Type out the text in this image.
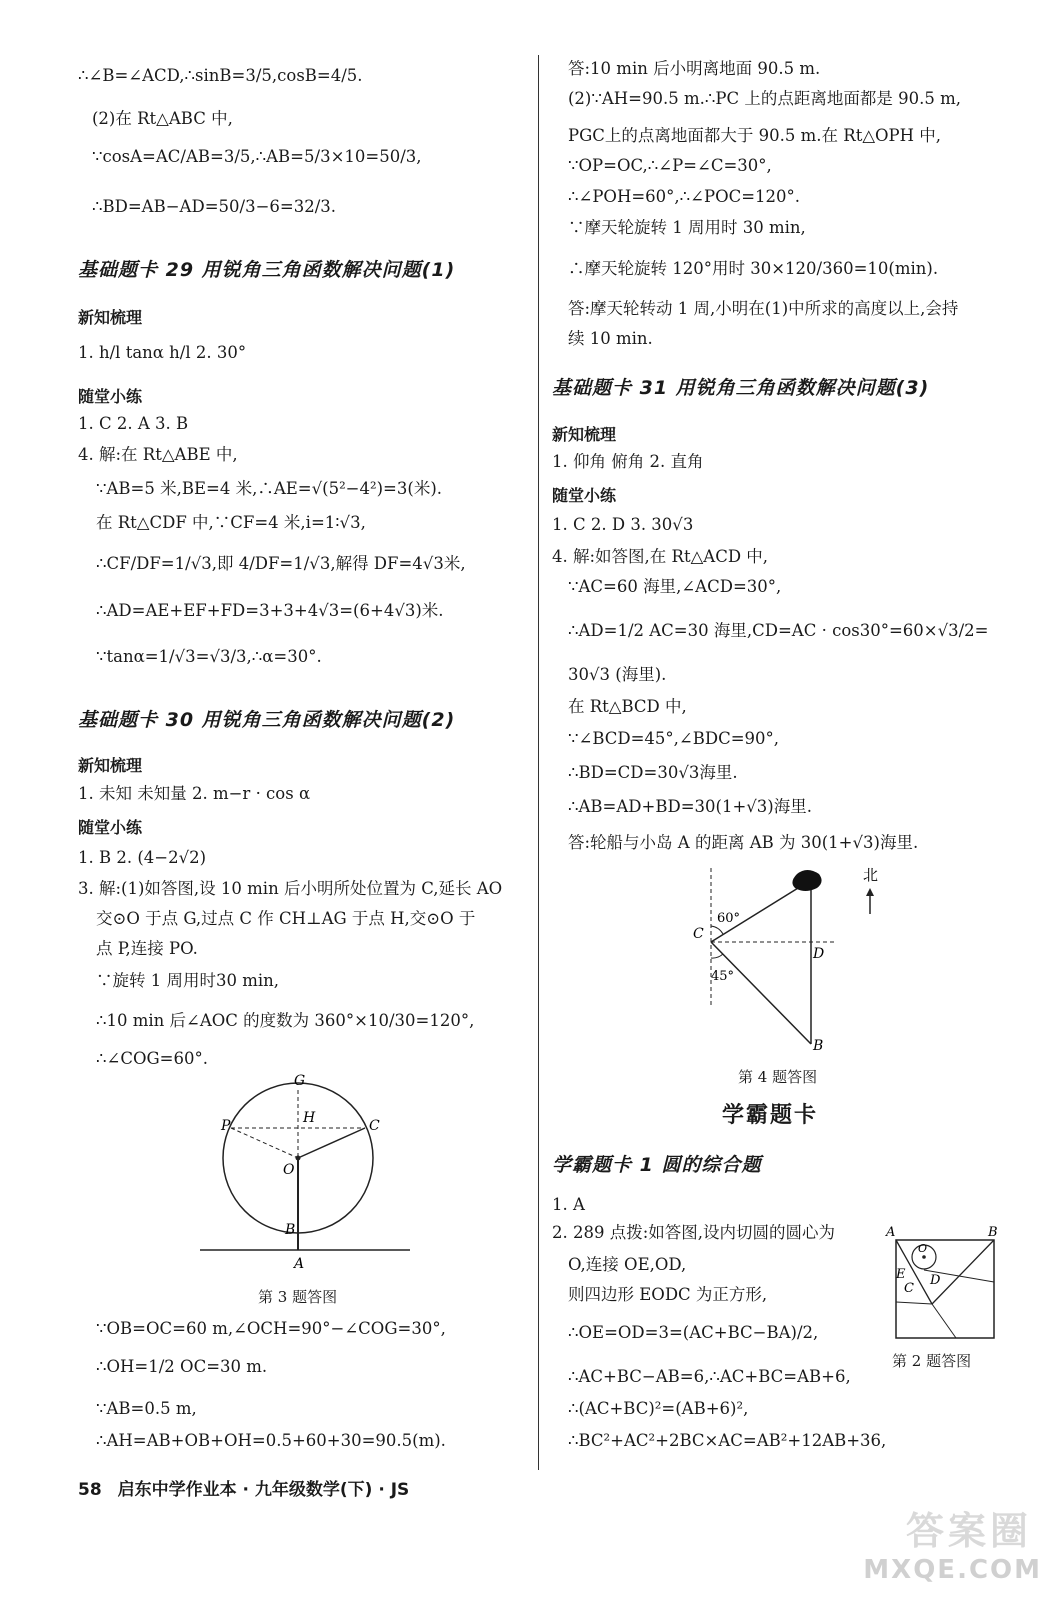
∴∠B=∠ACD,∴sinB=3/5,cosB=4/5.
(2)在 Rt△ABC 中,
∵cosA=AC/AB=3/5,∴AB=5/3×10=50/3,
∴BD=AB−AD=50/3−6=32/3.
基础题卡 29 用锐角三角函数解决问题(1)
新知梳理
1. h/l tanα h/l 2. 30°
随堂小练
1. C 2. A 3. B
4. 解:在 Rt△ABE 中,
∵AB=5 米,BE=4 米,∴AE=√(5²−4²)=3(米).
在 Rt△CDF 中,∵CF=4 米,i=1∶√3,
∴CF/DF=1/√3,即 4/DF=1/√3,解得 DF=4√3米,
∴AD=AE+EF+FD=3+3+4√3=(6+4√3)米.
∵tanα=1/√3=√3/3,∴α=30°.
基础题卡 30 用锐角三角函数解决问题(2)
新知梳理
1. 未知 未知量 2. m−r · cos α
随堂小练
1. B 2. (4−2√2)
3. 解:(1)如答图,设 10 min 后小明所处位置为 C,延长 AO
交⊙O 于点 G,过点 C 作 CH⊥AG 于点 H,交⊙O 于
点 P,连接 PO.
∵旋转 1 周用时30 min,
∴10 min 后∠AOC 的度数为 360°×10/30=120°,
∴∠COG=60°.
G
H	C
P
O
B
A
第 3 题答图
∵OB=OC=60 m,∠OCH=90°−∠COG=30°,
∴OH=1/2 OC=30 m.
∵AB=0.5 m,
∴AH=AB+OB+OH=0.5+60+30=90.5(m).
答:10 min 后小明离地面 90.5 m.
(2)∵AH=90.5 m.∴PC 上的点距离地面都是 90.5 m,
PGC上的点离地面都大于 90.5 m.在 Rt△OPH 中,
∵OP=OC,∴∠P=∠C=30°,
∴∠POH=60°,∴∠POC=120°.
∵摩天轮旋转 1 周用时 30 min,
∴摩天轮旋转 120°用时 30×120/360=10(min).
答:摩天轮转动 1 周,小明在(1)中所求的高度以上,会持
续 10 min.
基础题卡 31 用锐角三角函数解决问题(3)
新知梳理
1. 仰角 俯角 2. 直角
随堂小练
1. C 2. D 3. 30√3
4. 解:如答图,在 Rt△ACD 中,
∵AC=60 海里,∠ACD=30°,
∴AD=1/2 AC=30 海里,CD=AC · cos30°=60×√3/2=
30√3 (海里).
在 Rt△BCD 中,
∵∠BCD=45°,∠BDC=90°,
∴BD=CD=30√3海里.
∴AB=AD+BD=30(1+√3)海里.
答:轮船与小岛 A 的距离 AB 为 30(1+√3)海里.
北
C
D
B
60°
45°
第 4 题答图
学霸题卡
学霸题卡 1 圆的综合题
1. A
2. 289 点拨:如答图,设内切圆的圆心为
O,连接 OE,OD,
则四边形 EODC 为正方形,
∴OE=OD=3=(AC+BC−BA)/2,
∴AC+BC−AB=6,∴AC+BC=AB+6,
∴(AC+BC)²=(AB+6)²,
∴BC²+AC²+2BC×AC=AB²+12AB+36,
A	B
O
E D
C
第 2 题答图
58 启东中学作业本 · 九年级数学(下) · JS
答案圈
MXQE.COM
